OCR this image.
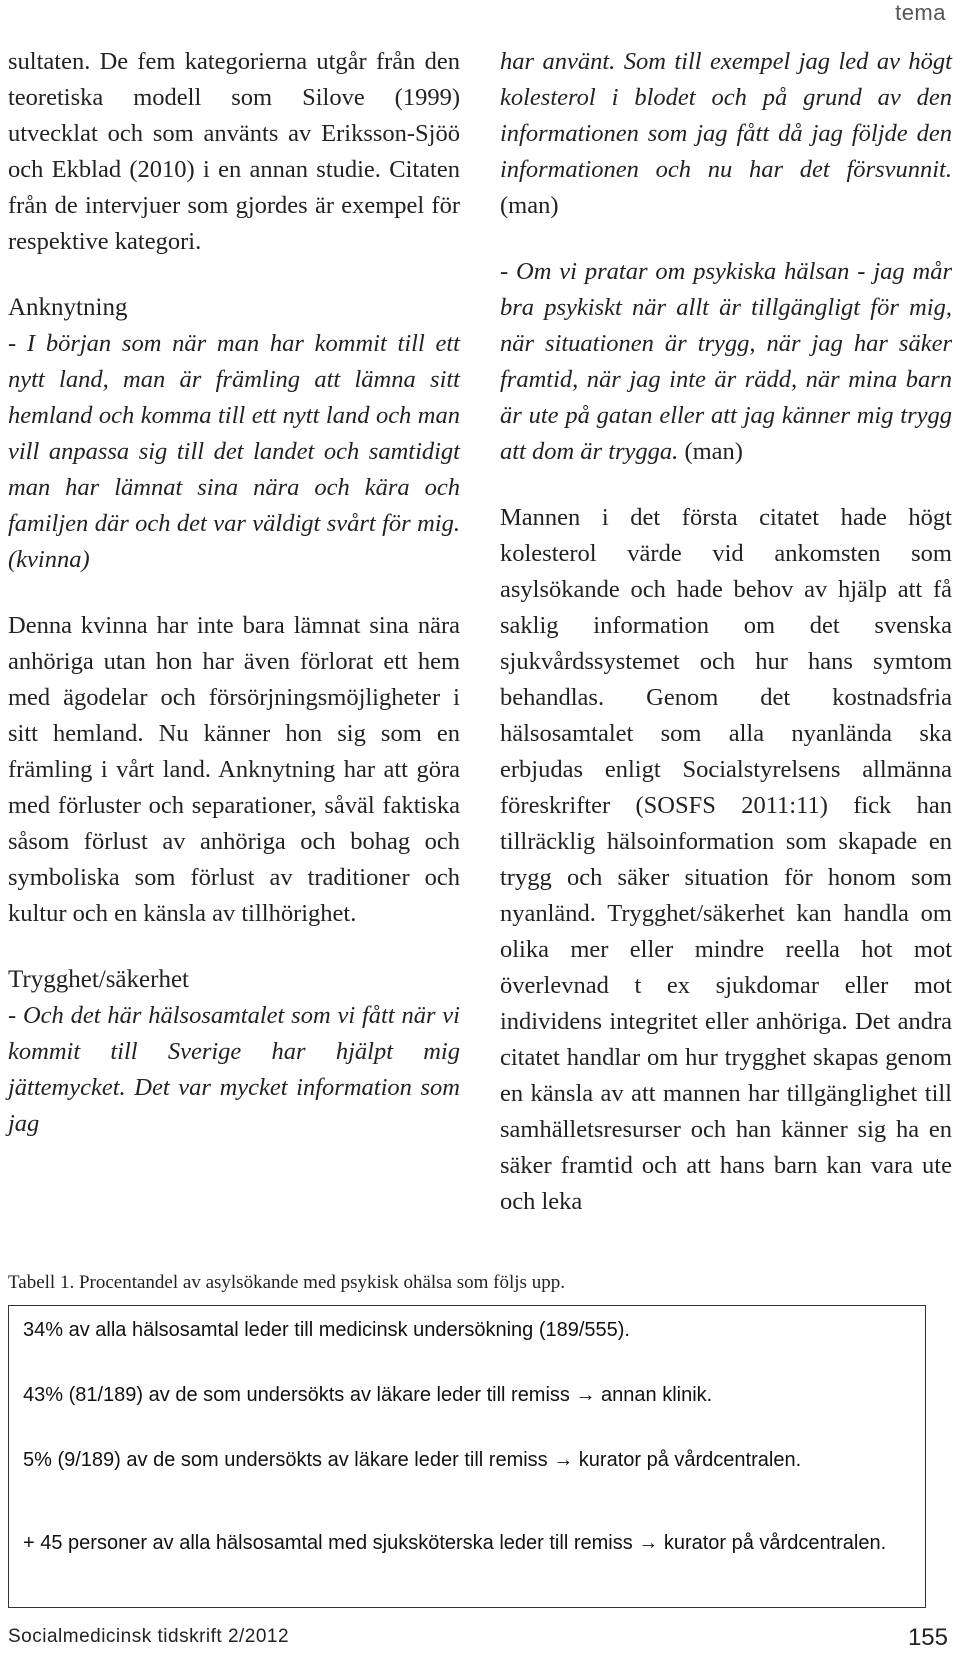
tema

sultaten. De fem kategorierna utgår från den teoretiska modell som Silove (1999) utvecklat och som använts av Eriksson-Sjöö och Ekblad (2010) i en annan studie. Citaten från de intervjuer som gjordes är exempel för respektive kategori.

Anknytning

- I början som när man har kommit till ett nytt land, man är främling att lämna sitt hemland och komma till ett nytt land och man vill anpassa sig till det landet och samtidigt man har lämnat sina nära och kära och familjen där och det var väldigt svårt för mig. (kvinna)

Denna kvinna har inte bara lämnat sina nära anhöriga utan hon har även förlorat ett hem med ägodelar och försörjningsmöjligheter i sitt hemland. Nu känner hon sig som en främling i vårt land. Anknytning har att göra med förluster och separationer, såväl faktiska såsom förlust av anhöriga och bohag och symboliska som förlust av traditioner och kultur och en känsla av tillhörighet.

Trygghet/säkerhet

- Och det här hälsosamtalet som vi fått när vi kommit till Sverige har hjälpt mig jättemycket. Det var mycket information som jag

har använt. Som till exempel jag led av högt kolesterol i blodet och på grund av den informationen som jag fått då jag följde den informationen och nu har det försvunnit. (man)

- Om vi pratar om psykiska hälsan - jag mår bra psykiskt när allt är tillgängligt för mig, när situationen är trygg, när jag har säker framtid, när jag inte är rädd, när mina barn är ute på gatan eller att jag känner mig trygg att dom är trygga. (man)

Mannen i det första citatet hade högt kolesterol värde vid ankomsten som asylsökande och hade behov av hjälp att få saklig information om det svenska sjukvårdssystemet och hur hans symtom behandlas. Genom det kostnadsfria hälsosamtalet som alla nyanlända ska erbjudas enligt Socialstyrelsens allmänna föreskrifter (SOSFS 2011:11) fick han tillräcklig hälsoinformation som skapade en trygg och säker situation för honom som nyanländ. Trygghet/säkerhet kan handla om olika mer eller mindre reella hot mot överlevnad t ex sjukdomar eller mot individens integritet eller anhöriga. Det andra citatet handlar om hur trygghet skapas genom en känsla av att mannen har tillgänglighet till samhälletsresurser och han känner sig ha en säker framtid och att hans barn kan vara ute och leka

Tabell 1. Procentandel av asylsökande med psykisk ohälsa som följs upp.
34% av alla hälsosamtal leder till medicinsk undersökning (189/555).
43% (81/189) av de som undersökts av läkare leder till remiss → annan klinik.
5% (9/189) av de som undersökts av läkare leder till remiss → kurator på vårdcentralen.
+ 45 personer av alla hälsosamtal med sjuksköterska leder till remiss → kurator på vårdcentralen.
Socialmedicinsk tidskrift 2/2012	155
